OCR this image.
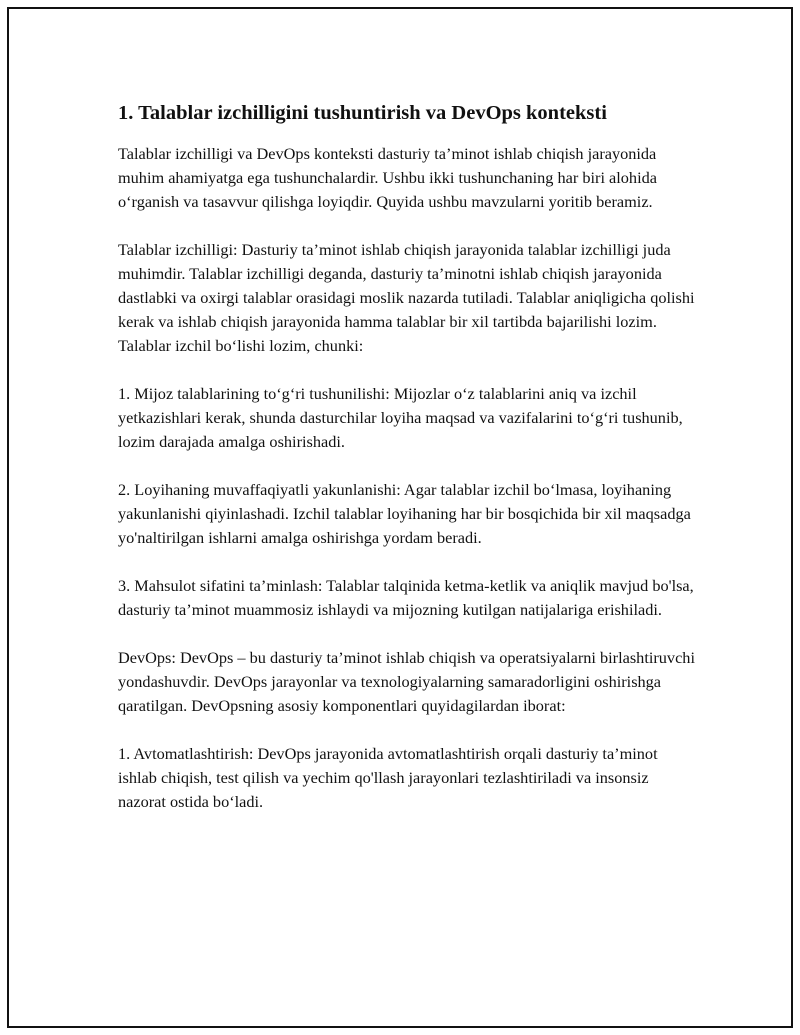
1. Talablar izchilligini tushuntirish va DevOps konteksti

Talablar izchilligi va DevOps konteksti dasturiy ta’minot ishlab chiqish jarayonida muhim ahamiyatga ega tushunchalardir. Ushbu ikki tushunchaning har biri alohida o‘rganish va tasavvur qilishga loyiqdir. Quyida ushbu mavzularni yoritib beramiz.

Talablar izchilligi: Dasturiy ta’minot ishlab chiqish jarayonida talablar izchilligi juda muhimdir. Talablar izchilligi deganda, dasturiy ta’minotni ishlab chiqish jarayonida dastlabki va oxirgi talablar orasidagi moslik nazarda tutiladi. Talablar aniqligicha qolishi kerak va ishlab chiqish jarayonida hamma talablar bir xil tartibda bajarilishi lozim. Talablar izchil bo‘lishi lozim, chunki:

1. Mijoz talablarining to‘g‘ri tushunilishi: Mijozlar o‘z talablarini aniq va izchil yetkazishlari kerak, shunda dasturchilar loyiha maqsad va vazifalarini to‘g‘ri tushunib, lozim darajada amalga oshirishadi.

2. Loyihaning muvaffaqiyatli yakunlanishi: Agar talablar izchil bo‘lmasa, loyihaning yakunlanishi qiyinlashadi. Izchil talablar loyihaning har bir bosqichida bir xil maqsadga yo'naltirilgan ishlarni amalga oshirishga yordam beradi.

3. Mahsulot sifatini ta’minlash: Talablar talqinida ketma-ketlik va aniqlik mavjud bo'lsa, dasturiy ta’minot muammosiz ishlaydi va mijozning kutilgan natijalariga erishiladi.

DevOps: DevOps – bu dasturiy ta’minot ishlab chiqish va operatsiyalarni birlashtiruvchi yondashuvdir. DevOps jarayonlar va texnologiyalarning samaradorligini oshirishga qaratilgan. DevOpsning asosiy komponentlari quyidagilardan iborat:

1. Avtomatlashtirish: DevOps jarayonida avtomatlashtirish orqali dasturiy ta’minot ishlab chiqish, test qilish va yechim qo'llash jarayonlari tezlashtiriladi va insonsiz nazorat ostida bo‘ladi.
